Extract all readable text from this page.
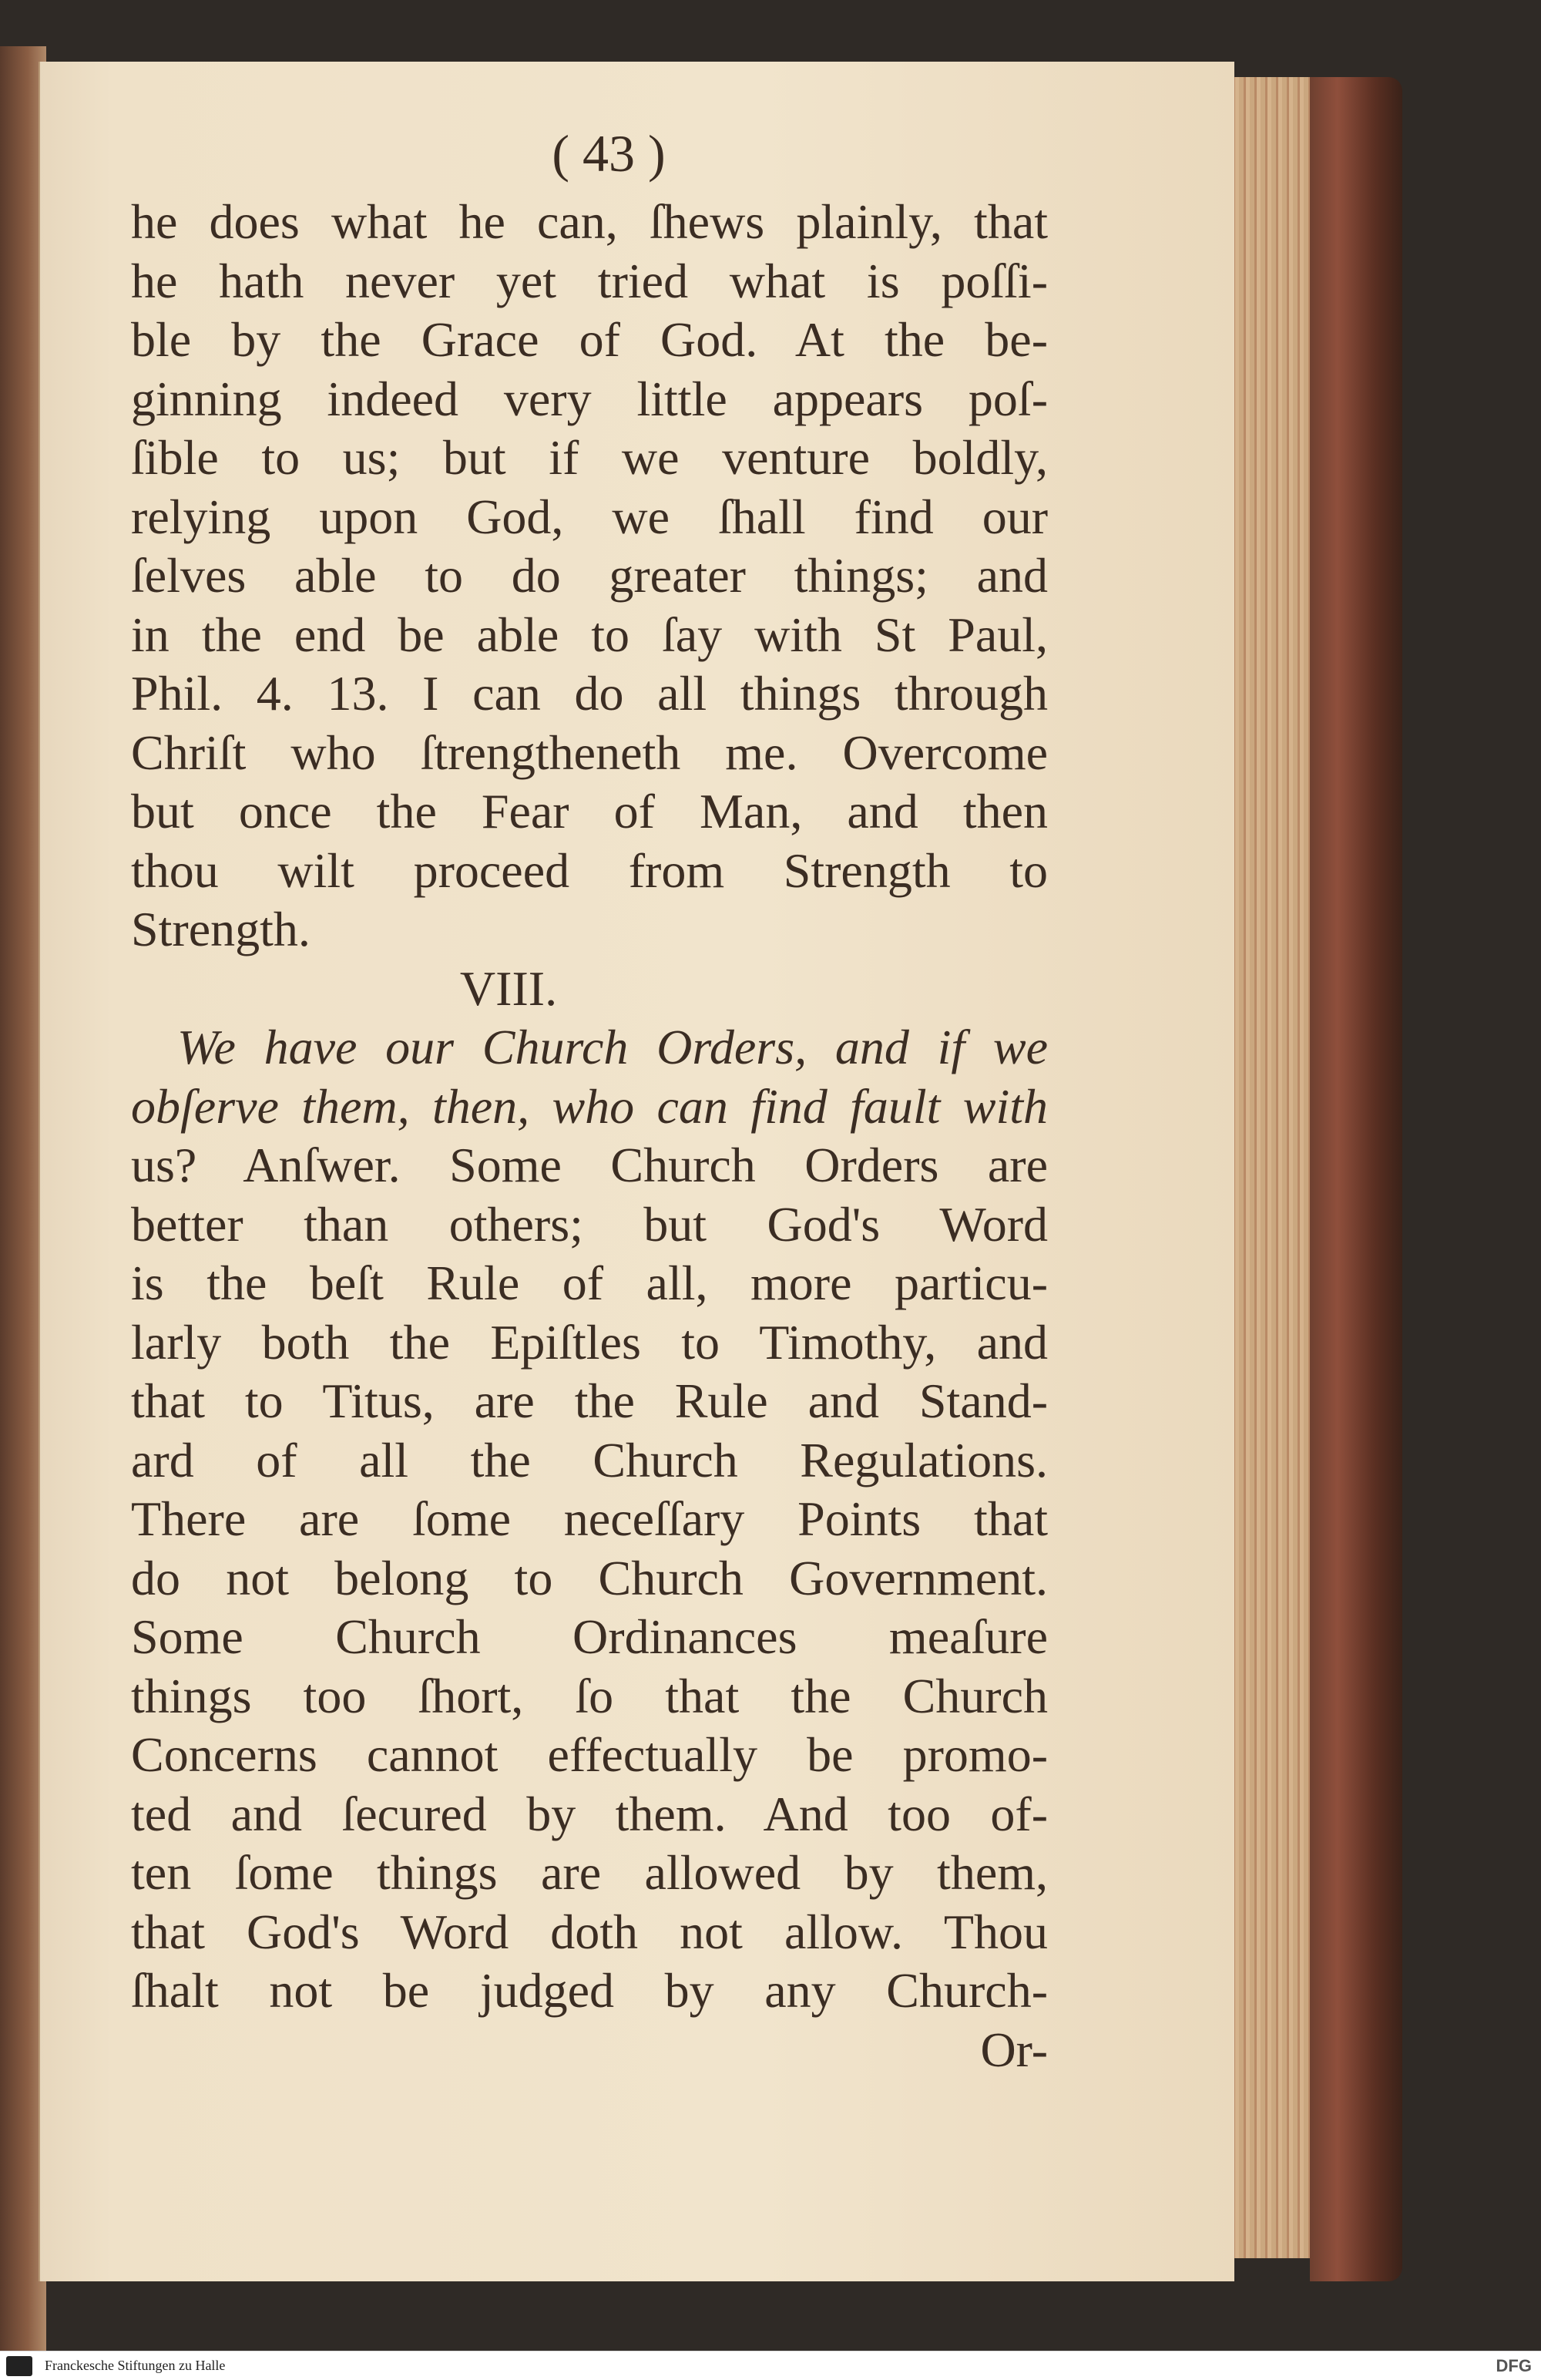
( 43 )
he does what he can, ſhews plainly, that
he hath never yet tried what is poſſi-
ble by the Grace of God. At the be-
ginning indeed very little appears poſ-
ſible to us; but if we venture boldly,
relying upon God, we ſhall find our
ſelves able to do greater things; and
in the end be able to ſay with St Paul,
Phil. 4. 13. I can do all things through
Chriſt who ſtrengtheneth me. Overcome
but once the Fear of Man, and then
thou wilt proceed from Strength to
Strength.
VIII.
We have our Church Orders, and if we
obſerve them, then, who can find fault with
us? Anſwer. Some Church Orders are
better than others; but God's Word
is the beſt Rule of all, more particu-
larly both the Epiſtles to Timothy, and
that to Titus, are the Rule and Stand-
ard of all the Church Regulations.
There are ſome neceſſary Points that
do not belong to Church Government.
Some Church Ordinances meaſure
things too ſhort, ſo that the Church
Concerns cannot effectually be promo-
ted and ſecured by them. And too of-
ten ſome things are allowed by them,
that God's Word doth not allow. Thou
ſhalt not be judged by any Church-
Or-
Franckesche Stiftungen zu Halle	DFG
